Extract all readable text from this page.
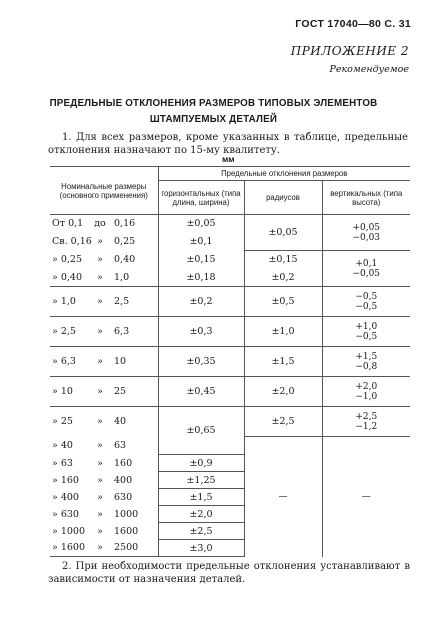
ГОСТ 17040—80 С. 31
ПРИЛОЖЕНИЕ 2
Рекомендуемое
ПРЕДЕЛЬНЫЕ ОТКЛОНЕНИЯ РАЗМЕРОВ ТИПОВЫХ ЭЛЕМЕНТОВ
ШТАМПУЕМЫХ ДЕТАЛЕЙ
1. Для всех размеров, кроме указанных в таблице, предельные отклонения назначают по 15-му квалитету.
мм
Номинальные размеры (основного применения)	Предельные отклонения размеров		
	горизонтальных (типа длина, ширина)	радиусов	вертикальных (типа высота)
От 0,1 до 0,16	±0,05	±0,05	+0,05
−0,03
Св. 0,16 » 0,25	±0,1		
» 0,25 » 0,40	±0,15	±0,15	+0,1
−0,05
» 0,40 » 1,0	±0,18	±0,2	
» 1,0 » 2,5	±0,2	±0,5	−0,5
−0,5
» 2,5 » 6,3	±0,3	±1,0	+1,0
−0,5
» 6,3 » 10	±0,35	±1,5	+1,5
−0,8
» 10 » 25	±0,45	±2,0	+2,0
−1,0
» 25 » 40	±0,65	±2,5	+2,5
−1,2
» 40 » 63		—	—
» 63 » 160	±0,9		
» 160 » 400	±1,25		
» 400 » 630	±1,5		
» 630 » 1000	±2,0		
» 1000 » 1600	±2,5		
» 1600 » 2500	±3,0		
2. При необходимости предельные отклонения устанавливают в зависимости от назначения деталей.
